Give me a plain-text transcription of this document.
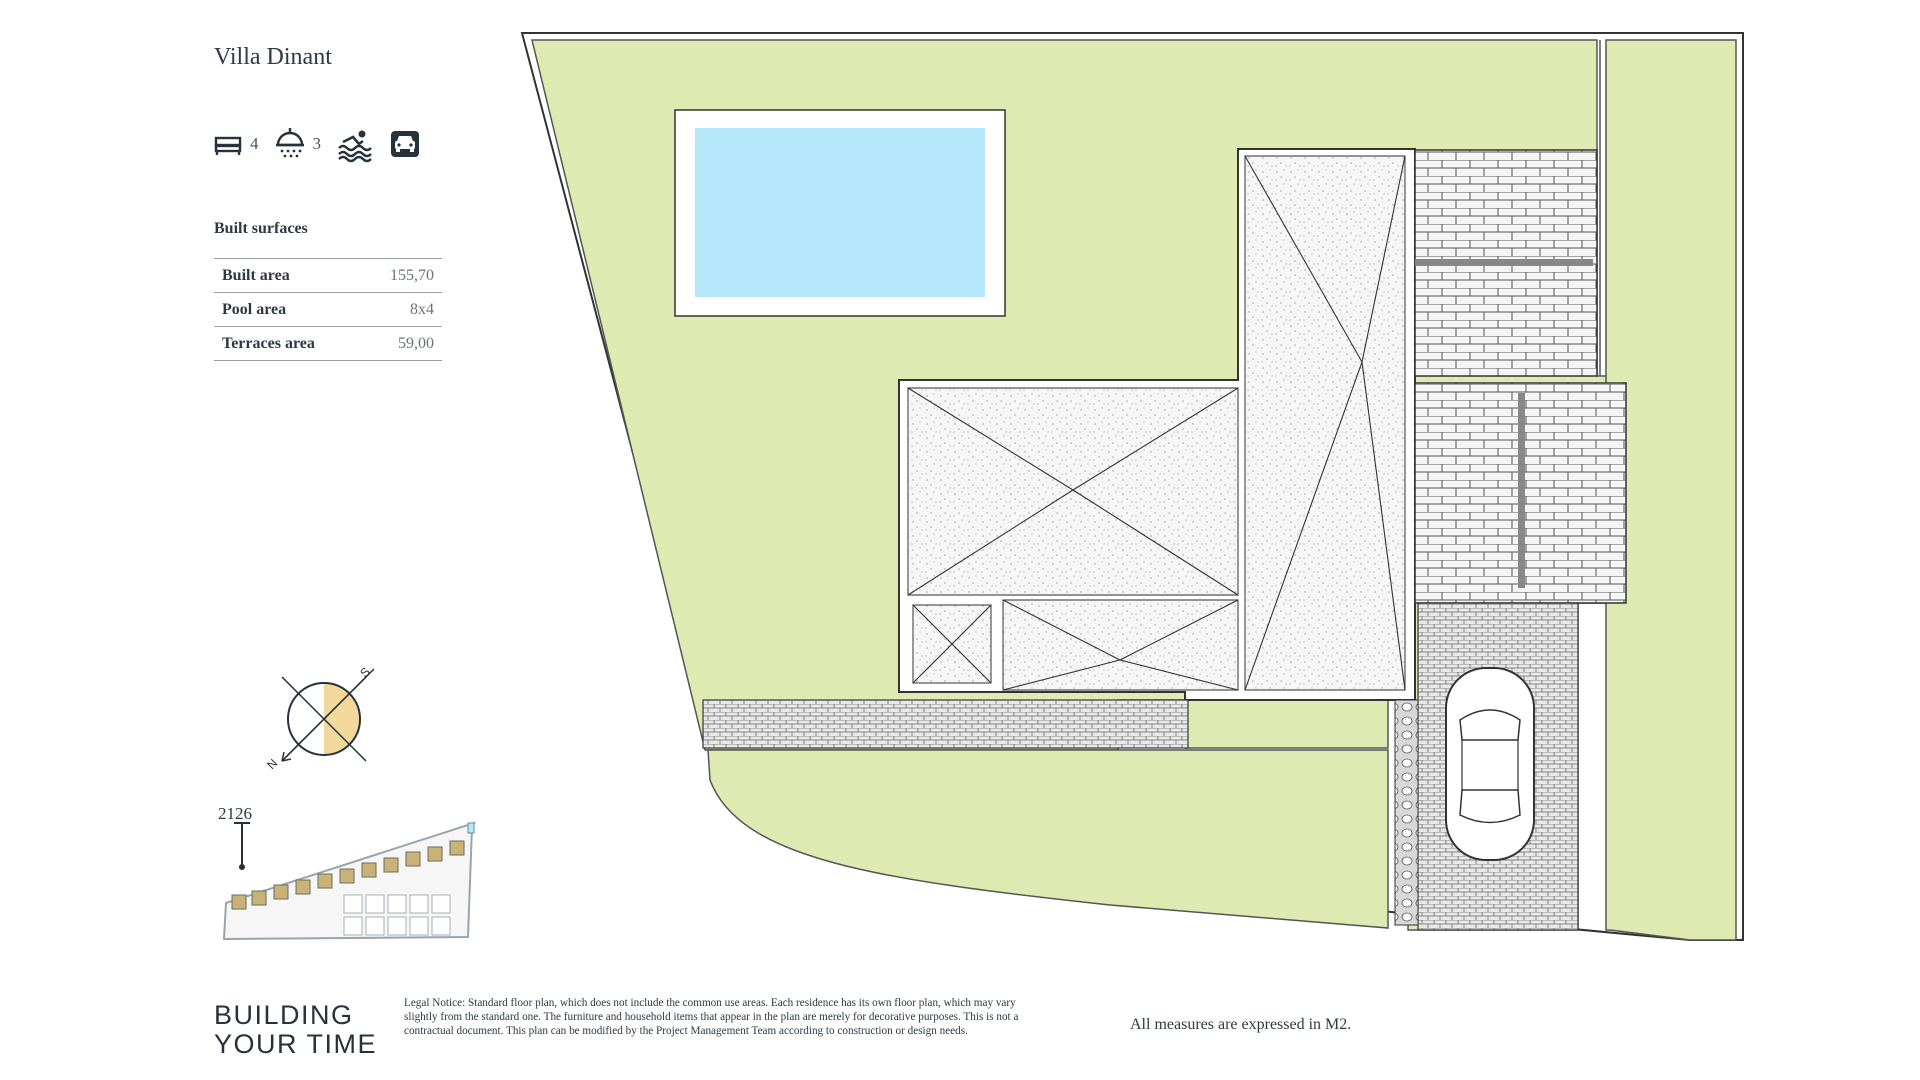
Villa Dinant
4	3
Built surfaces
Built area	155,70
Pool area	8x4
Terraces area	59,00
S
N
2126
BUILDING
YOUR TIME
Legal Notice: Standard floor plan, which does not include the common use areas. Each residence has its own floor plan, which may vary slightly from the standard one. The furniture and household items that appear in the plan are merely for decorative purposes. This is not a contractual document. This plan can be modified by the Project Management Team according to construction or design needs.	All measures are expressed in M2.
